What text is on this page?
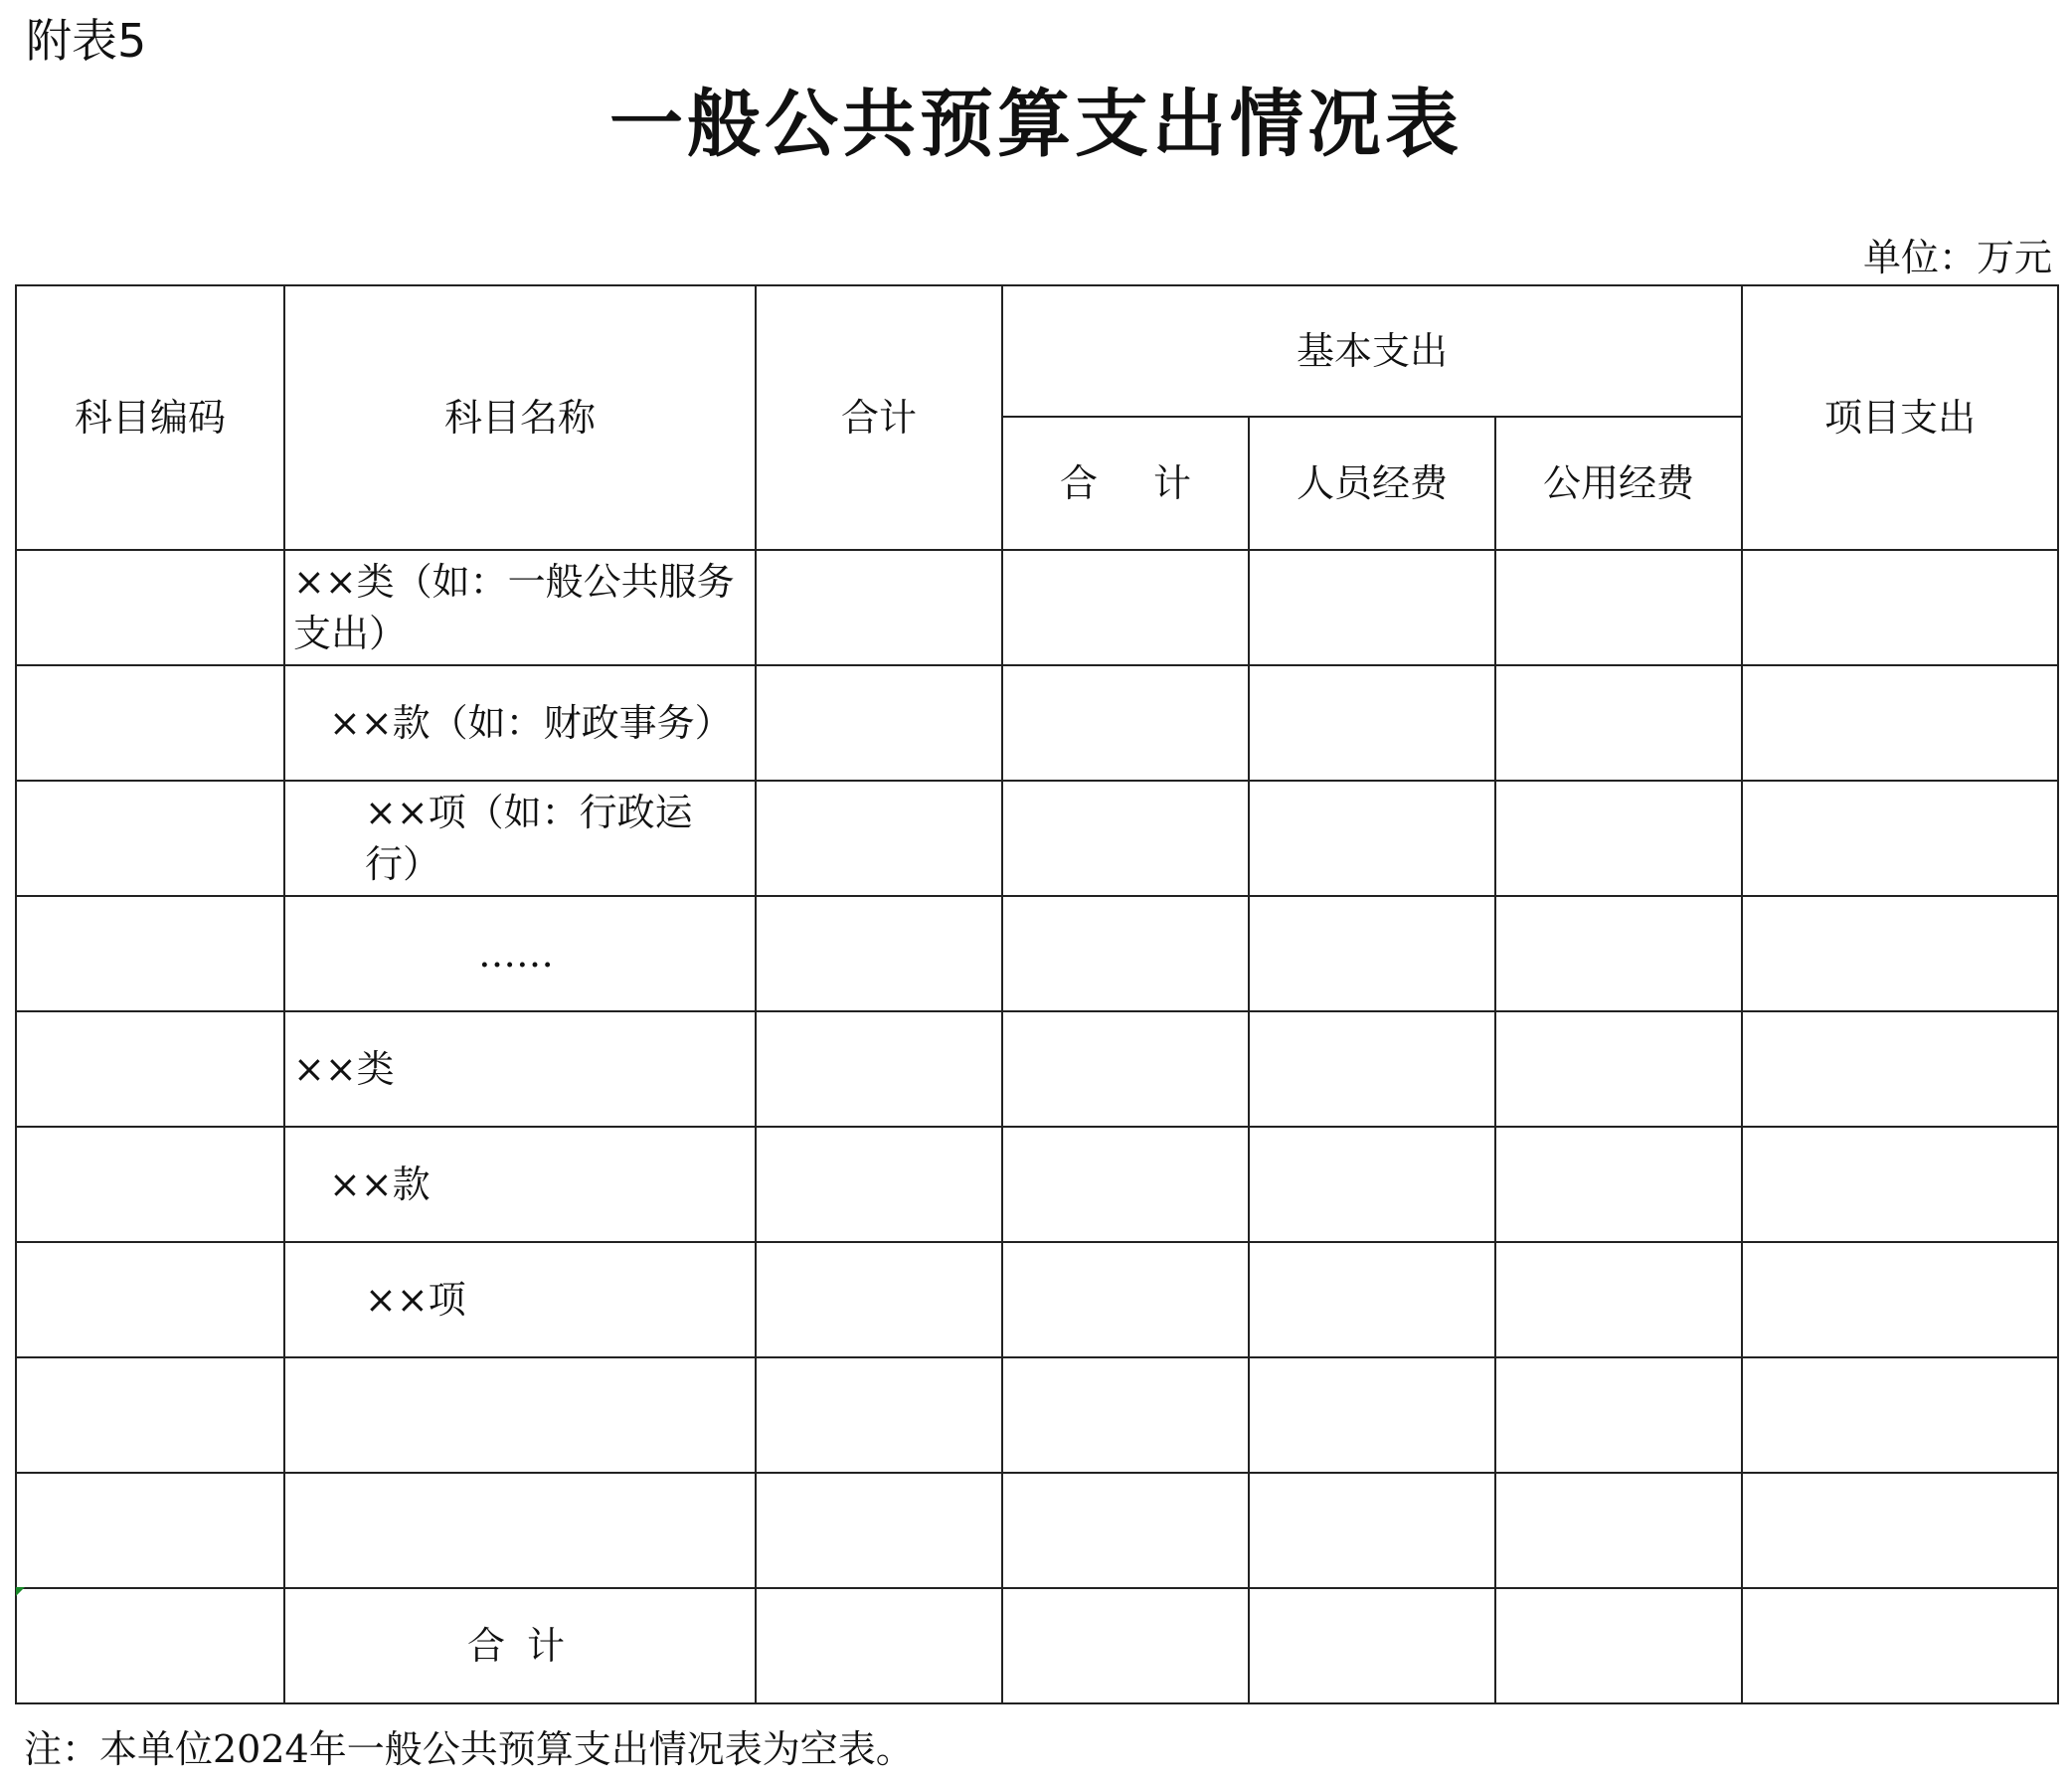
附表5
一般公共预算支出情况表
单位：万元
科目编码	科目名称	合计	基本支出			项目支出
			合计	人员经费	公用经费	
	××类（如：一般公共服务支出）					
	××款（如：财政事务）					
	××项（如：行政运行）					
	……					
	××类					
	××款					
	××项					

	合计					
注：本单位2024年一般公共预算支出情况表为空表。
